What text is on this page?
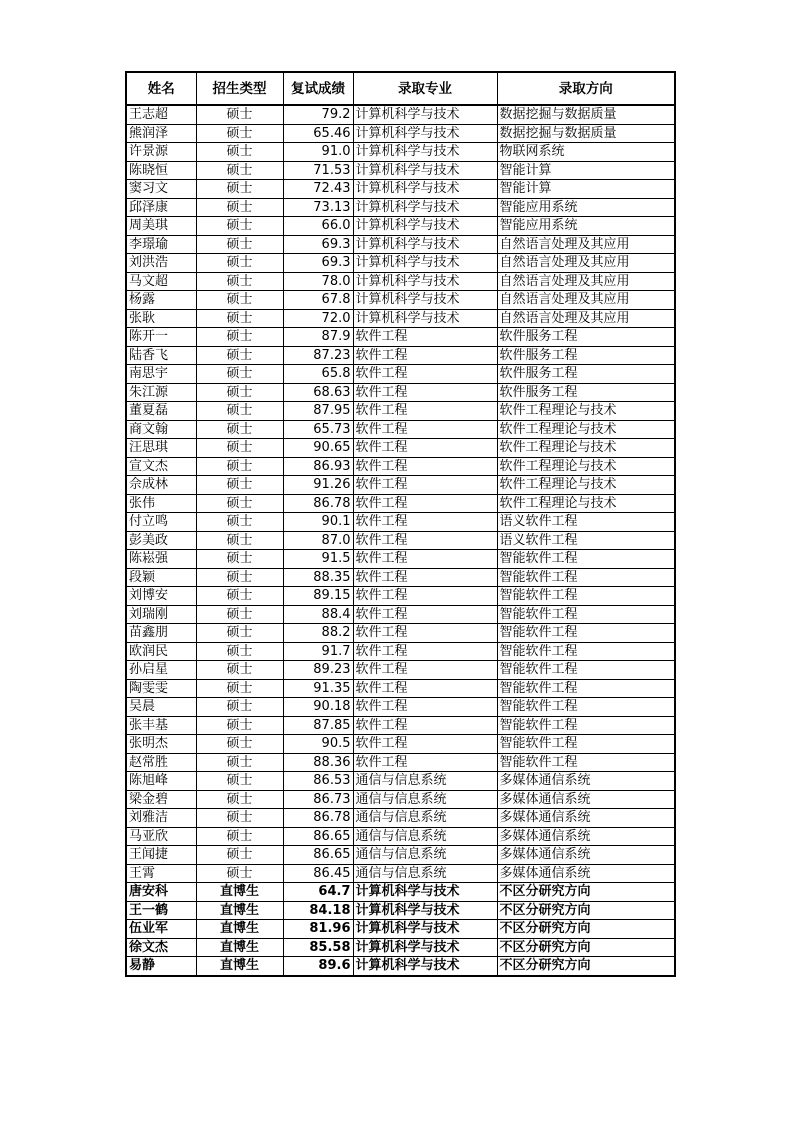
姓名	招生类型	复试成绩	录取专业	录取方向
王志超	硕士	79.2	计算机科学与技术	数据挖掘与数据质量
熊润泽	硕士	65.46	计算机科学与技术	数据挖掘与数据质量
许景源	硕士	91.0	计算机科学与技术	物联网系统
陈晓恒	硕士	71.53	计算机科学与技术	智能计算
窦习文	硕士	72.43	计算机科学与技术	智能计算
邱泽康	硕士	73.13	计算机科学与技术	智能应用系统
周美琪	硕士	66.0	计算机科学与技术	智能应用系统
李璟瑜	硕士	69.3	计算机科学与技术	自然语言处理及其应用
刘洪浩	硕士	69.3	计算机科学与技术	自然语言处理及其应用
马文超	硕士	78.0	计算机科学与技术	自然语言处理及其应用
杨露	硕士	67.8	计算机科学与技术	自然语言处理及其应用
张耿	硕士	72.0	计算机科学与技术	自然语言处理及其应用
陈开一	硕士	87.9	软件工程	软件服务工程
陆香飞	硕士	87.23	软件工程	软件服务工程
南思宇	硕士	65.8	软件工程	软件服务工程
朱江源	硕士	68.63	软件工程	软件服务工程
董夏磊	硕士	87.95	软件工程	软件工程理论与技术
商文翰	硕士	65.73	软件工程	软件工程理论与技术
汪思琪	硕士	90.65	软件工程	软件工程理论与技术
宣文杰	硕士	86.93	软件工程	软件工程理论与技术
佘成林	硕士	91.26	软件工程	软件工程理论与技术
张伟	硕士	86.78	软件工程	软件工程理论与技术
付立鸣	硕士	90.1	软件工程	语义软件工程
彭美政	硕士	87.0	软件工程	语义软件工程
陈崧强	硕士	91.5	软件工程	智能软件工程
段颖	硕士	88.35	软件工程	智能软件工程
刘博安	硕士	89.15	软件工程	智能软件工程
刘瑞刚	硕士	88.4	软件工程	智能软件工程
苗鑫朋	硕士	88.2	软件工程	智能软件工程
欧润民	硕士	91.7	软件工程	智能软件工程
孙启星	硕士	89.23	软件工程	智能软件工程
陶雯雯	硕士	91.35	软件工程	智能软件工程
吴晨	硕士	90.18	软件工程	智能软件工程
张丰基	硕士	87.85	软件工程	智能软件工程
张明杰	硕士	90.5	软件工程	智能软件工程
赵常胜	硕士	88.36	软件工程	智能软件工程
陈旭峰	硕士	86.53	通信与信息系统	多媒体通信系统
梁金碧	硕士	86.73	通信与信息系统	多媒体通信系统
刘雅洁	硕士	86.78	通信与信息系统	多媒体通信系统
马亚欣	硕士	86.65	通信与信息系统	多媒体通信系统
王闻捷	硕士	86.65	通信与信息系统	多媒体通信系统
王霄	硕士	86.45	通信与信息系统	多媒体通信系统
唐安科	直博生	64.7	计算机科学与技术	不区分研究方向
王一鹤	直博生	84.18	计算机科学与技术	不区分研究方向
伍业军	直博生	81.96	计算机科学与技术	不区分研究方向
徐文杰	直博生	85.58	计算机科学与技术	不区分研究方向
易静	直博生	89.6	计算机科学与技术	不区分研究方向
